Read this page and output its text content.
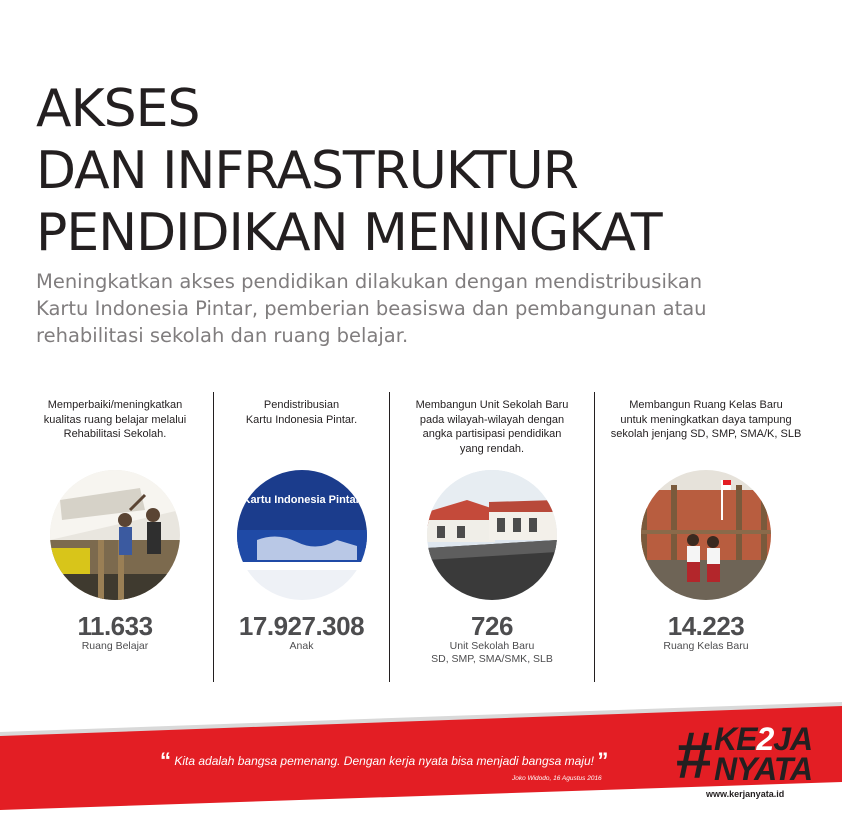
AKSES
DAN INFRASTRUKTUR
PENDIDIKAN MENINGKAT
Meningkatkan akses pendidikan dilakukan dengan mendistribusikan
Kartu Indonesia Pintar, pemberian beasiswa dan pembangunan atau
rehabilitasi sekolah dan ruang belajar.
Memperbaiki/meningkatkan
kualitas ruang belajar melalui
Rehabilitasi Sekolah.
11.633
Ruang Belajar
Pendistribusian
Kartu Indonesia Pintar.
Kartu Indonesia Pintar
17.927.308
Anak
Membangun Unit Sekolah Baru
pada wilayah-wilayah dengan
angka partisipasi pendidikan
yang rendah.
726
Unit Sekolah Baru
SD, SMP, SMA/SMK, SLB
Membangun Ruang Kelas Baru
untuk meningkatkan daya tampung
sekolah jenjang SD, SMP, SMA/K, SLB
14.223
Ruang Kelas Baru
“ Kita adalah bangsa pemenang. Dengan kerja nyata bisa menjadi bangsa maju! ”
Joko Widodo, 16 Agustus 2016 # KE2JA
NYATA
www.kerjanyata.id
